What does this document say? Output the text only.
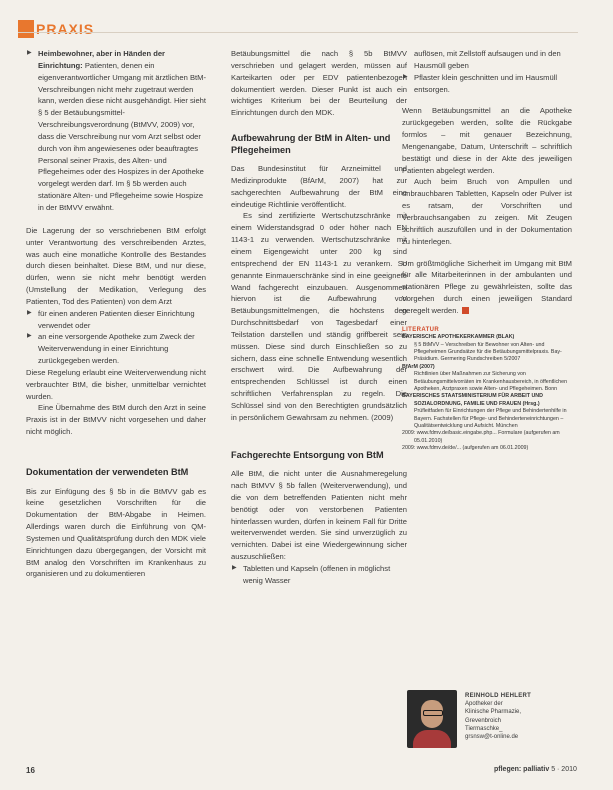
PRAXIS

▶ Heimbewohner, aber in Händen der Einrichtung: Patienten, denen ein eigenverantwortlicher Umgang mit ärztlichen BtM-Verschreibungen nicht mehr zugetraut werden kann, werden diese nicht ausgehändigt. Hier sieht § 5 der Betäubungsmittel-Verschreibungsverordnung (BtMVV, 2009) vor, dass die Verschreibung nur vom Arzt selbst oder durch von ihm angewiesenes oder beauftragtes Personal seiner Praxis, des Alten- und Pflegeheimes oder des Hospizes in der Apotheke vorgelegt werden darf. Im § 5b werden auch stationäre Alten- und Pflegeheime sowie Hospize in der BtMVV erwähnt.

Die Lagerung der so verschriebenen BtM erfolgt unter Verantwortung des verschreibenden Arztes, was auch eine monatliche Kontrolle des Bestandes durch diesen beinhaltet. Diese BtM, und nur diese, dürfen, wenn sie nicht mehr benötigt werden (Umstellung der Medikation, Verlegung des Patienten, Tod des Patienten) von dem Arzt

▶ für einen anderen Patienten dieser Einrichtung verwendet oder

▶ an eine versorgende Apotheke zum Zweck der Weiterverwendung in einer Einrichtung zurückgegeben werden.

Diese Regelung erlaubt eine Weiterverwendung nicht verbrauchter BtM, die bisher, unmittelbar vernichtet wurden.

Eine Übernahme des BtM durch den Arzt in seine Praxis ist in der BtMVV nicht vorgesehen und daher nicht möglich.

Dokumentation der verwendeten BtM

Bis zur Einfügung des § 5b in die BtMVV gab es keine gesetzlichen Vorschriften für die Dokumentation der BtM-Abgabe in Heimen. Allerdings waren durch die Einführung von QM-Systemen und Qualitätsprüfung durch den MDK viele Einrichtungen dazu übergegangen, der Vorsicht mit BtM analog den Vorschriften im Krankenhaus zu organisieren und zu dokumentieren

Betäubungsmittel die nach § 5b BtMVV verschrieben und gelagert werden, müssen auf Karteikarten oder per EDV patientenbezogen dokumentiert werden. Dieser Punkt ist auch ein wichtiges Kriterium bei der Beurteilung der Einrichtungen durch den MDK.

Aufbewahrung der BtM in Alten- und Pflegeheimen

Das Bundesinstitut für Arzneimittel und Medizinprodukte (BfArM, 2007) hat zur sachgerechten Aufbewahrung der BtM eine eindeutige Richtlinie veröffentlicht.

Es sind zertifizierte Wertschutzschränke mit einem Widerstandsgrad 0 oder höher nach EN 1143-1 zu verwenden. Wertschutzschränke mit einem Eigengewicht unter 200 kg sind entsprechend der EN 1143-1 zu verankern. So genannte Einmauerschränke sind in eine geeignete Wand fachgerecht einzubauen. Ausgenommen hiervon ist die Aufbewahrung von Betäubungsmittelmengen, die höchstens den Durchschnittsbedarf von Tagesbedarf einer Teilstation darstellen und ständig griffbereit sein müssen. Diese sind durch Einschließen so zu sichern, dass eine schnelle Entwendung wesentlich erschwert wird. Die Aufbewahrung der entsprechenden Schlüssel ist durch einen schriftlichen Verfahrensplan zu regeln. Die Schlüssel sind von den Berechtigten grundsätzlich in persönlichem Gewahrsam zu nehmen. (2009)

Fachgerechte Entsorgung von BtM

Alle BtM, die nicht unter die Ausnahmeregelung nach BtMVV § 5b fallen (Weiterverwendung), und die von dem betreffenden Patienten nicht mehr benötigt oder von verstorbenen Patienten hinterlassen wurden, dürfen in keinem Fall für Dritte weiterverwendet werden. Sie sind unverzüglich zu vernichten. Dabei ist eine Wiedergewinnung sicher auszuschließen:

▶ Tabletten und Kapseln (offenen in möglichst wenig Wasser

auflösen, mit Zellstoff aufsaugen und in den Hausmüll geben

▶ Pflaster klein geschnitten und im Hausmüll entsorgen.

Wenn Betäubungsmittel an die Apotheke zurückgegeben werden, sollte die Rückgabe formlos – mit genauer Bezeichnung, Mengenangabe, Datum, Unterschrift – schriftlich bestätigt und diese in der Akte des jeweiligen Patienten abgelegt werden.

Auch beim Bruch von Ampullen und unbrauchbaren Tabletten, Kapseln oder Pulver ist es ratsam, der Vorschriften und Verbrauchsangaben zu zeigen. Mit Zeugen schriftlich auszufüllen und in der Dokumentation zu hinterlegen.

Um größtmögliche Sicherheit im Umgang mit BtM für alle Mitarbeiterinnen in der ambulanten und stationären Pflege zu gewährleisten, sollte das Vorgehen durch einen jeweiligen Standard geregelt werden.

LITERATUR
BAYERISCHE APOTHEKERKAMMER (BLAK)
§ 5 BtMVV – Verschreiben für Bewohner von Alten- und Pflegeheimen Grundsätze für die Betäubungsmittelpraxis. Bay-Präsidium. Germering Rundschreiben 5/2007
BfArM (2007)
Richtlinien über Maßnahmen zur Sicherung von Betäubungsmittelvorräten im Krankenhausbereich, in öffentlichen Apotheken, Arztpraxen sowie Alten- und Pflegeheimen. Bonn
BAYERISCHES STAATSMINISTERIUM FÜR ARBEIT UND SOZIALORDNUNG, FAMILIE UND FRAUEN (Hrsg.)
Prüfleitfaden für Einrichtungen der Pflege und Behindertenhilfe in Bayern. Fachstellen für Pflege- und Behinderteneinrichtungen – Qualitätsentwicklung und Aufsicht. München
2009: www.fdmv.de/basic.eingabe.php... Formulare (aufgerufen am 05.01.2010)
2009: www.fdmv.de/de/... (aufgerufen am 06.01.2009)
REINHOLD HEHLERT
Apotheker der
Klinische Pharmazie,
Grevenbroich
Tiermaschke_
grsnsw@t-online.de
16	pflegen: palliativ 5 · 2010
